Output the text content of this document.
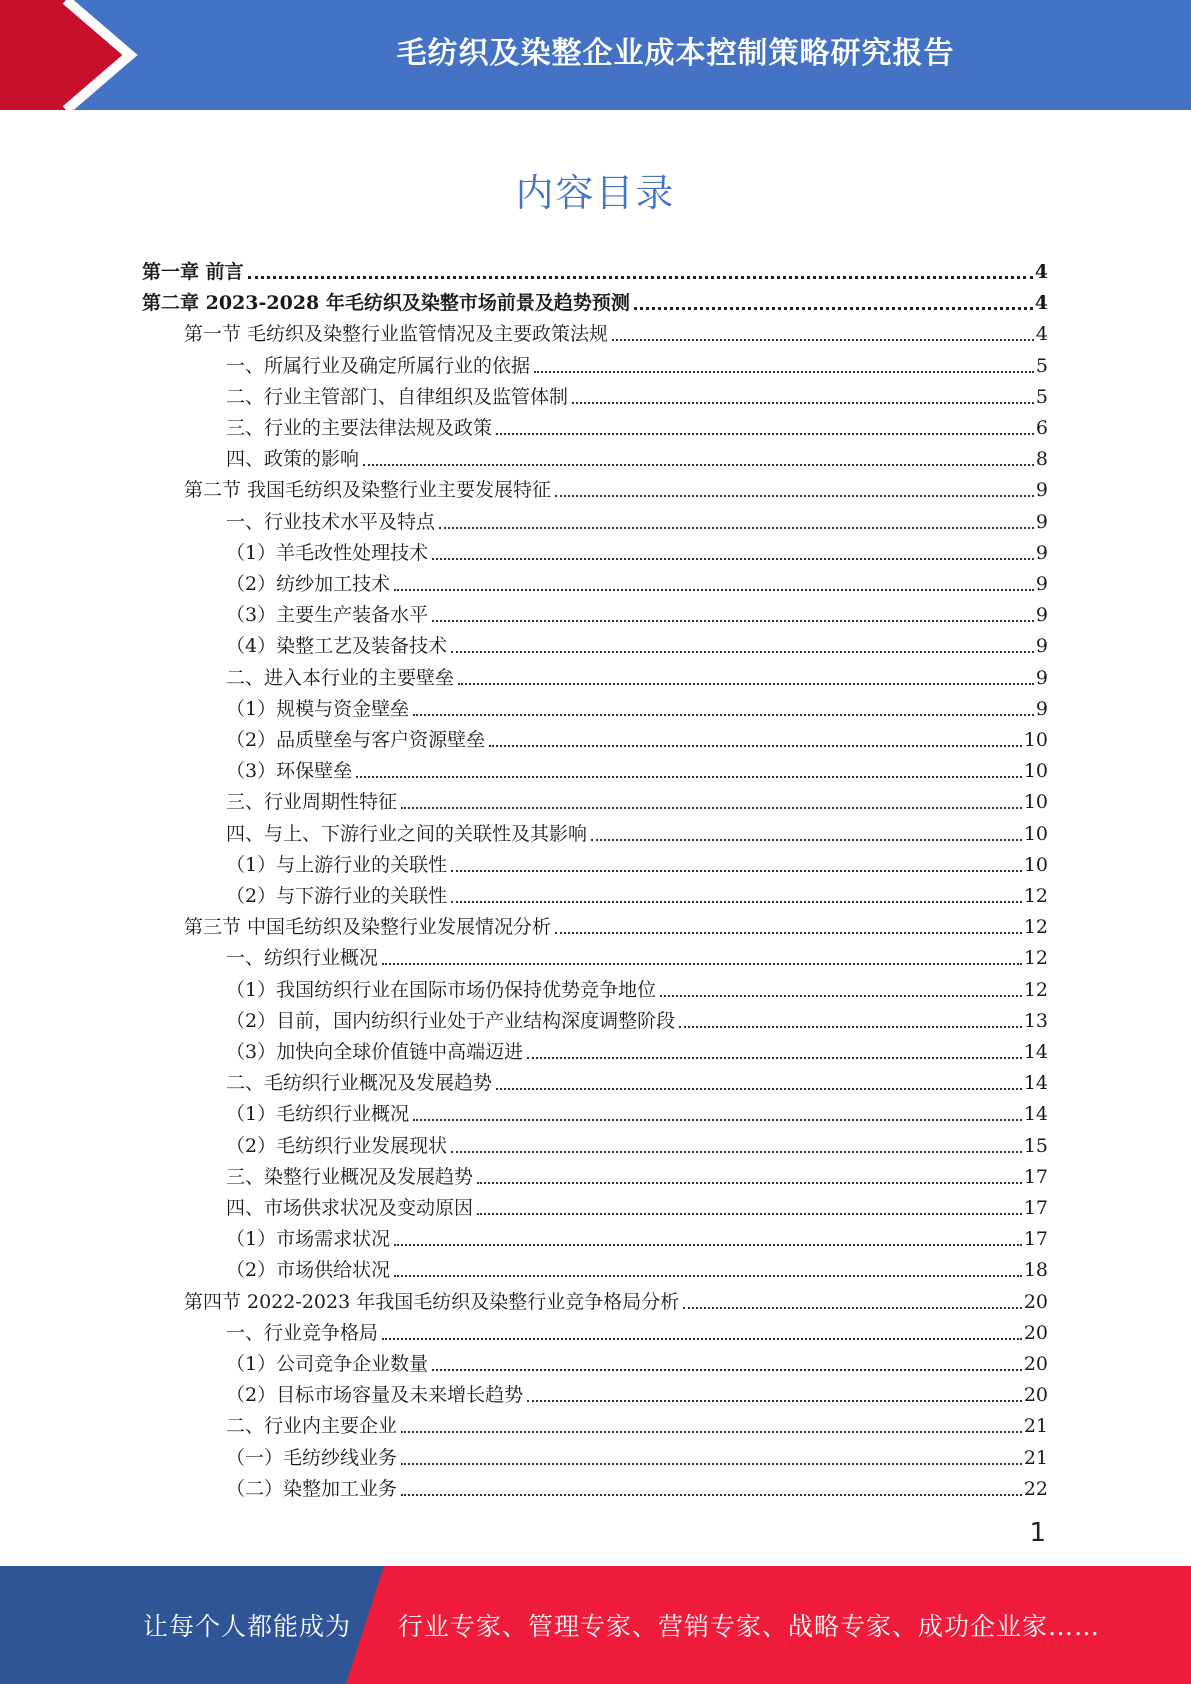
毛纺织及染整企业成本控制策略研究报告
内容目录
第一章 前言	4
第二章 2023-2028 年毛纺织及染整市场前景及趋势预测	4
第一节 毛纺织及染整行业监管情况及主要政策法规	4
一、所属行业及确定所属行业的依据	5
二、行业主管部门、自律组织及监管体制	5
三、行业的主要法律法规及政策	6
四、政策的影响	8
第二节 我国毛纺织及染整行业主要发展特征	9
一、行业技术水平及特点	9
（1）羊毛改性处理技术	9
（2）纺纱加工技术	9
（3）主要生产装备水平	9
（4）染整工艺及装备技术	9
二、进入本行业的主要壁垒	9
（1）规模与资金壁垒	9
（2）品质壁垒与客户资源壁垒	10
（3）环保壁垒	10
三、行业周期性特征	10
四、与上、下游行业之间的关联性及其影响	10
（1）与上游行业的关联性	10
（2）与下游行业的关联性	12
第三节 中国毛纺织及染整行业发展情况分析	12
一、纺织行业概况	12
（1）我国纺织行业在国际市场仍保持优势竞争地位	12
（2）目前，国内纺织行业处于产业结构深度调整阶段	13
（3）加快向全球价值链中高端迈进	14
二、毛纺织行业概况及发展趋势	14
（1）毛纺织行业概况	14
（2）毛纺织行业发展现状	15
三、染整行业概况及发展趋势	17
四、市场供求状况及变动原因	17
（1）市场需求状况	17
（2）市场供给状况	18
第四节 2022-2023 年我国毛纺织及染整行业竞争格局分析	20
一、行业竞争格局	20
（1）公司竞争企业数量	20
（2）目标市场容量及未来增长趋势	20
二、行业内主要企业	21
（一）毛纺纱线业务	21
（二）染整加工业务	22
1
让每个人都能成为 行业专家、管理专家、营销专家、战略专家、成功企业家……
